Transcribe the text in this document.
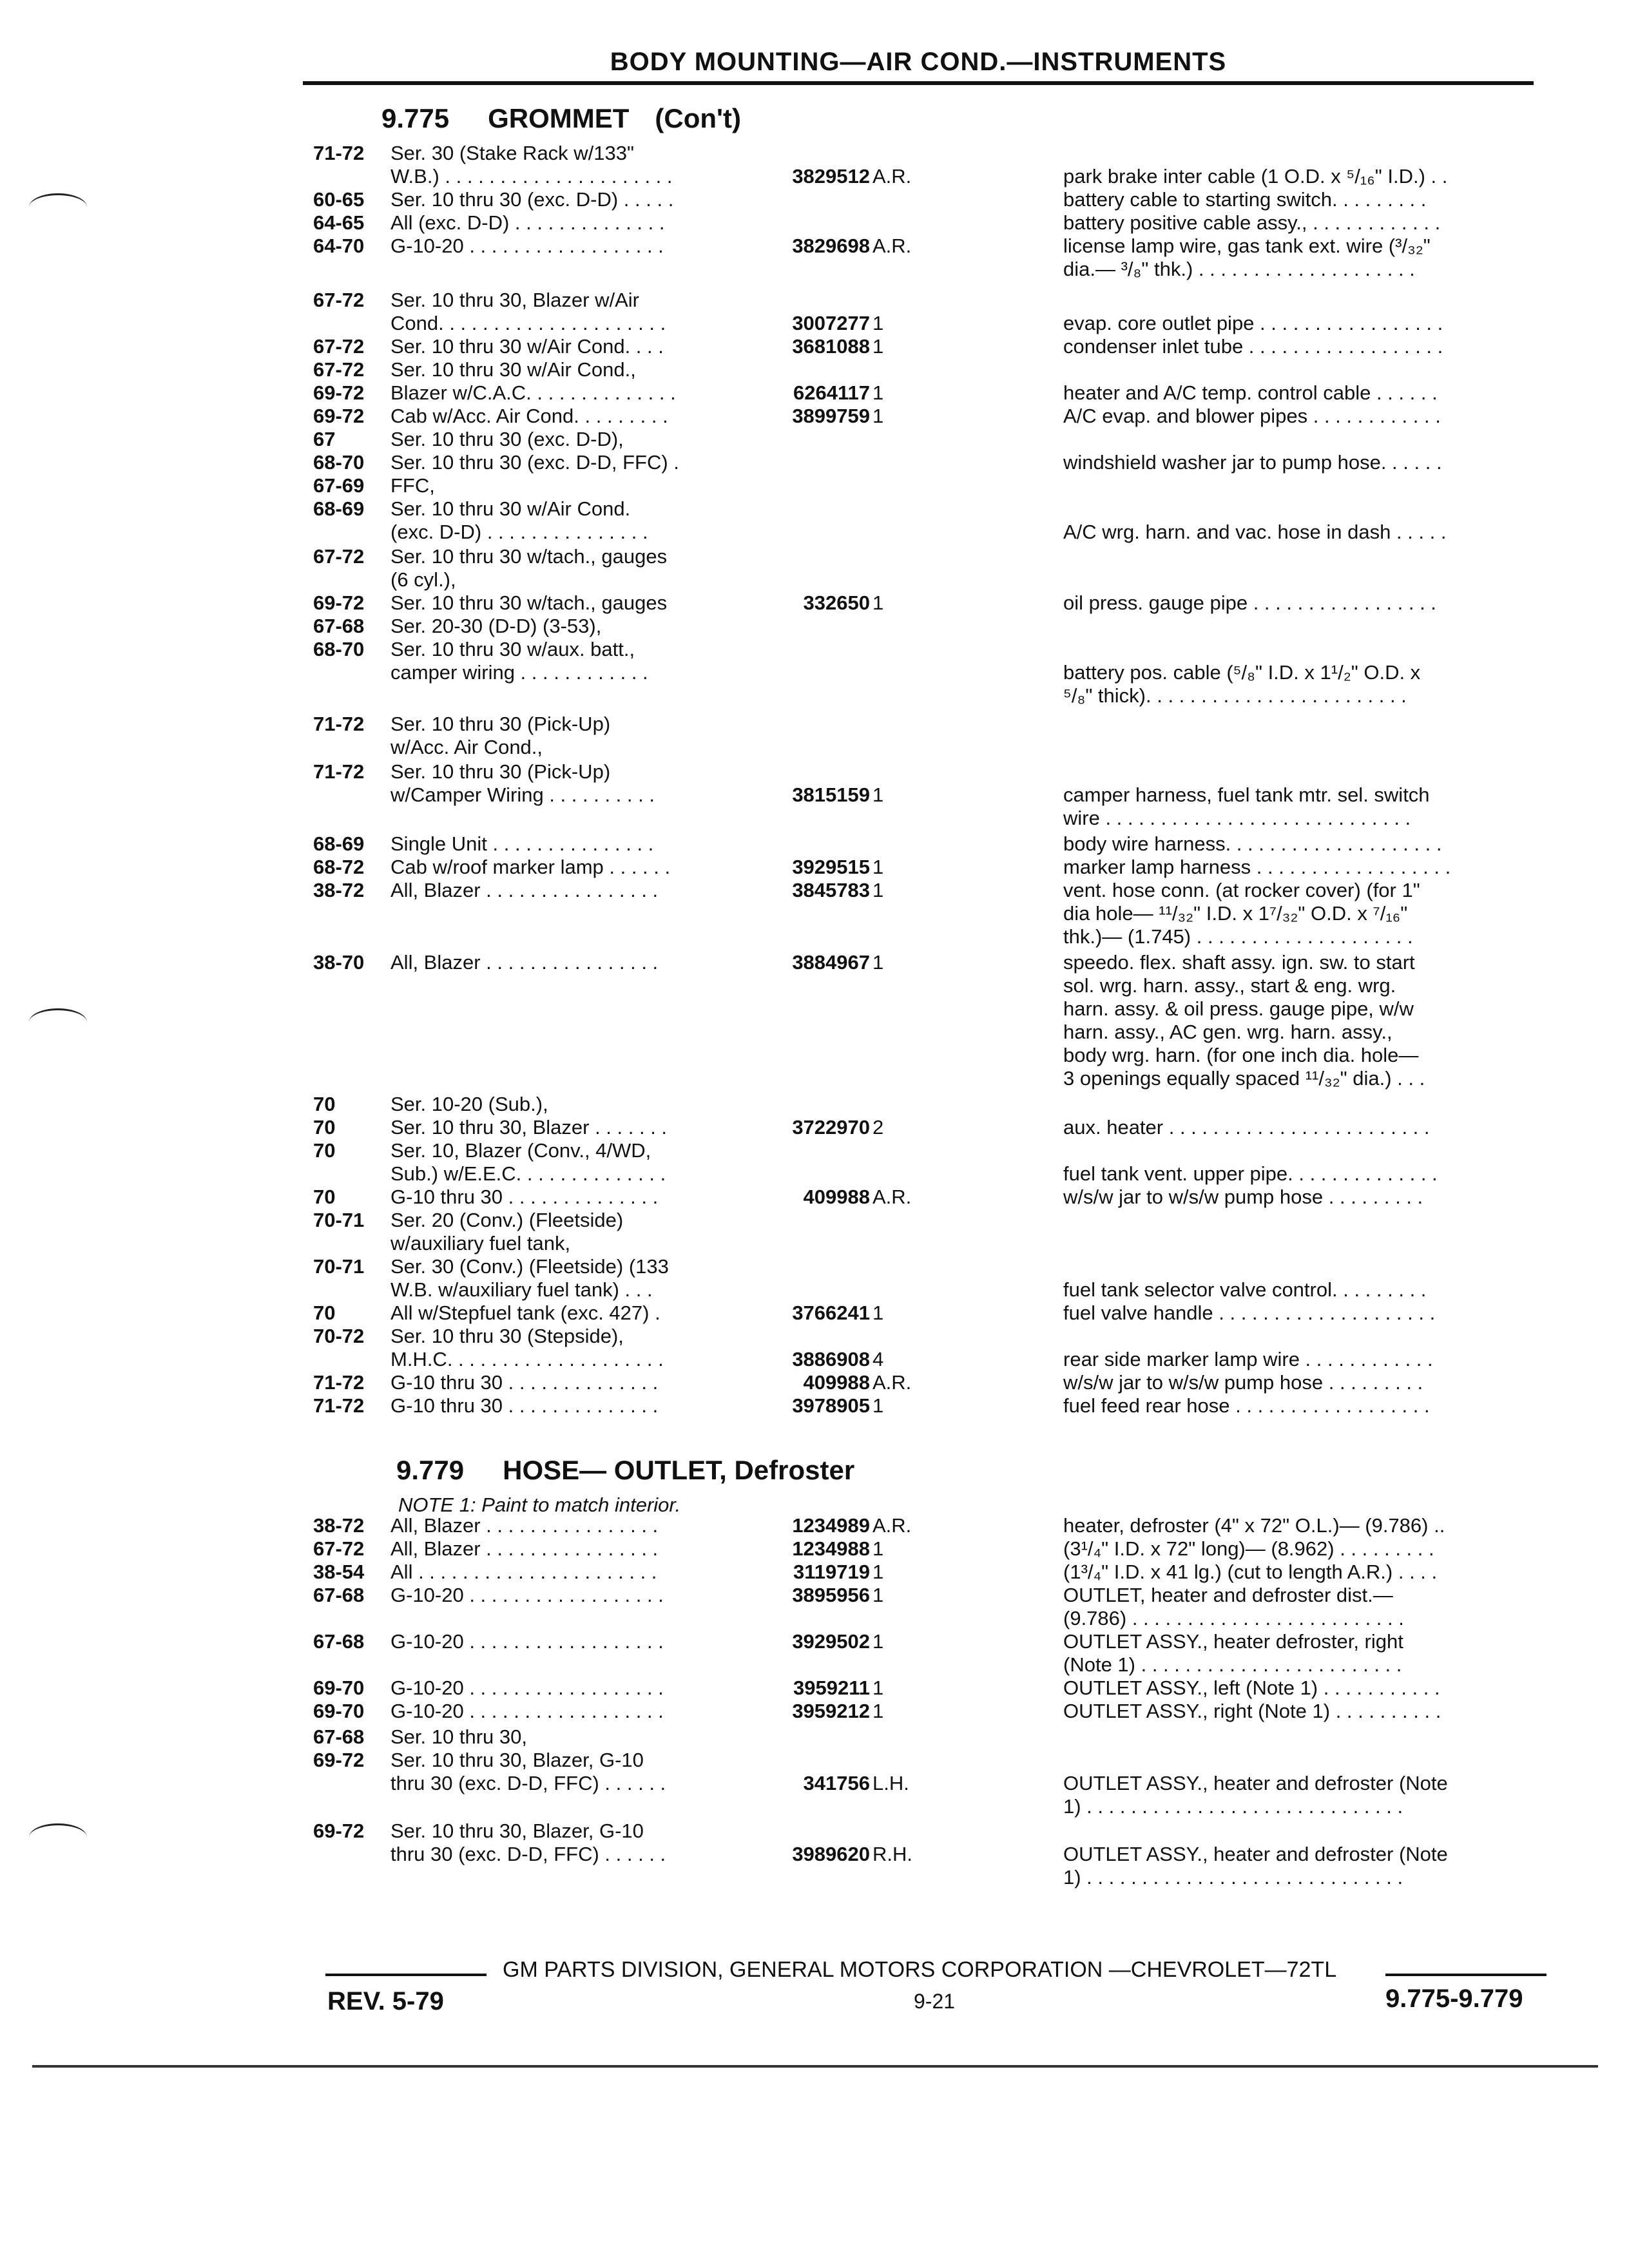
BODY MOUNTING—AIR COND.—INSTRUMENTS
9.775 GROMMET (Con't)
9.779 HOSE— OUTLET, Defroster
NOTE 1: Paint to match interior.
71-72 Ser. 30 (Stake Rack w/133"
W.B.) . . . . . . . . . . . . . . . . . . . . .	3829512 A.R.	park brake inter cable (1 O.D. x ⁵/₁₆" I.D.) . .
60-65 Ser. 10 thru 30 (exc. D-D) . . . . .	battery cable to starting switch. . . . . . . . .
64-65 All (exc. D-D) . . . . . . . . . . . . . .	battery positive cable assy., . . . . . . . . . . . .
64-70 G-10-20 . . . . . . . . . . . . . . . . . .	3829698 A.R.	license lamp wire, gas tank ext. wire (³/₃₂"
dia.— ³/₈" thk.) . . . . . . . . . . . . . . . . . . . .
67-72 Ser. 10 thru 30, Blazer w/Air
Cond. . . . . . . . . . . . . . . . . . . . .	3007277 1	evap. core outlet pipe . . . . . . . . . . . . . . . . .
67-72 Ser. 10 thru 30 w/Air Cond. . . .	3681088 1	condenser inlet tube . . . . . . . . . . . . . . . . . .
67-72 Ser. 10 thru 30 w/Air Cond.,
69-72 Blazer w/C.A.C. . . . . . . . . . . . . .	6264117 1	heater and A/C temp. control cable . . . . . .
69-72 Cab w/Acc. Air Cond. . . . . . . . .	3899759 1	A/C evap. and blower pipes . . . . . . . . . . . .
67	Ser. 10 thru 30 (exc. D-D),
68-70 Ser. 10 thru 30 (exc. D-D, FFC) .	windshield washer jar to pump hose. . . . . .
67-69 FFC,
68-69 Ser. 10 thru 30 w/Air Cond.
(exc. D-D) . . . . . . . . . . . . . . .	A/C wrg. harn. and vac. hose in dash . . . . .
67-72 Ser. 10 thru 30 w/tach., gauges
(6 cyl.),
69-72 Ser. 10 thru 30 w/tach., gauges	332650 1	oil press. gauge pipe . . . . . . . . . . . . . . . . .
67-68 Ser. 20-30 (D-D) (3-53),
68-70 Ser. 10 thru 30 w/aux. batt.,
camper wiring . . . . . . . . . . . .	battery pos. cable (⁵/₈" I.D. x 1¹/₂" O.D. x
⁵/₈" thick). . . . . . . . . . . . . . . . . . . . . . . .
71-72 Ser. 10 thru 30 (Pick-Up)
w/Acc. Air Cond.,
71-72 Ser. 10 thru 30 (Pick-Up)
w/Camper Wiring . . . . . . . . . .	3815159 1	camper harness, fuel tank mtr. sel. switch
wire . . . . . . . . . . . . . . . . . . . . . . . . . . . .
68-69 Single Unit . . . . . . . . . . . . . . .	body wire harness. . . . . . . . . . . . . . . . . . . .
68-72 Cab w/roof marker lamp . . . . . .	3929515 1	marker lamp harness . . . . . . . . . . . . . . . . . .
38-72 All, Blazer . . . . . . . . . . . . . . . .	3845783 1	vent. hose conn. (at rocker cover) (for 1"
dia hole— ¹¹/₃₂" I.D. x 1⁷/₃₂" O.D. x ⁷/₁₆"
thk.)— (1.745) . . . . . . . . . . . . . . . . . . . .
38-70 All, Blazer . . . . . . . . . . . . . . . .	3884967 1	speedo. flex. shaft assy. ign. sw. to start
sol. wrg. harn. assy., start & eng. wrg.
harn. assy. & oil press. gauge pipe, w/w
harn. assy., AC gen. wrg. harn. assy.,
body wrg. harn. (for one inch dia. hole—
3 openings equally spaced ¹¹/₃₂" dia.) . . .
70	Ser. 10-20 (Sub.),
70	Ser. 10 thru 30, Blazer . . . . . . .	3722970 2	aux. heater . . . . . . . . . . . . . . . . . . . . . . . .
70	Ser. 10, Blazer (Conv., 4/WD,
Sub.) w/E.E.C. . . . . . . . . . . . . .	fuel tank vent. upper pipe. . . . . . . . . . . . . .
70	G-10 thru 30 . . . . . . . . . . . . . .	409988 A.R.	w/s/w jar to w/s/w pump hose . . . . . . . . .
70-71 Ser. 20 (Conv.) (Fleetside)
w/auxiliary fuel tank,
70-71 Ser. 30 (Conv.) (Fleetside) (133
W.B. w/auxiliary fuel tank) . . .	fuel tank selector valve control. . . . . . . . .
70	All w/Stepfuel tank (exc. 427) .	3766241 1	fuel valve handle . . . . . . . . . . . . . . . . . . . .
70-72 Ser. 10 thru 30 (Stepside),
M.H.C. . . . . . . . . . . . . . . . . . . .	3886908 4	rear side marker lamp wire . . . . . . . . . . . .
71-72 G-10 thru 30 . . . . . . . . . . . . . .	409988 A.R.	w/s/w jar to w/s/w pump hose . . . . . . . . .
71-72 G-10 thru 30 . . . . . . . . . . . . . .	3978905 1	fuel feed rear hose . . . . . . . . . . . . . . . . . .
38-72 All, Blazer . . . . . . . . . . . . . . . .	1234989 A.R.	heater, defroster (4" x 72" O.L.)— (9.786) ..
67-72 All, Blazer . . . . . . . . . . . . . . . .	1234988 1	(3¹/₄" I.D. x 72" long)— (8.962) . . . . . . . . .
38-54 All . . . . . . . . . . . . . . . . . . . . . .	3119719 1	(1³/₄" I.D. x 41 lg.) (cut to length A.R.) . . . .
67-68 G-10-20 . . . . . . . . . . . . . . . . . .	3895956 1	OUTLET, heater and defroster dist.—
(9.786) . . . . . . . . . . . . . . . . . . . . . . . . .
67-68 G-10-20 . . . . . . . . . . . . . . . . . .	3929502 1	OUTLET ASSY., heater defroster, right
(Note 1) . . . . . . . . . . . . . . . . . . . . . . . .
69-70 G-10-20 . . . . . . . . . . . . . . . . . .	3959211 1	OUTLET ASSY., left (Note 1) . . . . . . . . . . .
69-70 G-10-20 . . . . . . . . . . . . . . . . . .	3959212 1	OUTLET ASSY., right (Note 1) . . . . . . . . . .
67-68 Ser. 10 thru 30,
69-72 Ser. 10 thru 30, Blazer, G-10
thru 30 (exc. D-D, FFC) . . . . . .	341756 L.H.	OUTLET ASSY., heater and defroster (Note
1) . . . . . . . . . . . . . . . . . . . . . . . . . . . . .
69-72 Ser. 10 thru 30, Blazer, G-10
thru 30 (exc. D-D, FFC) . . . . . .	3989620 R.H.	OUTLET ASSY., heater and defroster (Note
1) . . . . . . . . . . . . . . . . . . . . . . . . . . . . .
GM PARTS DIVISION, GENERAL MOTORS CORPORATION —CHEVROLET—72TL
REV. 5-79	9-21	9.775-9.779
